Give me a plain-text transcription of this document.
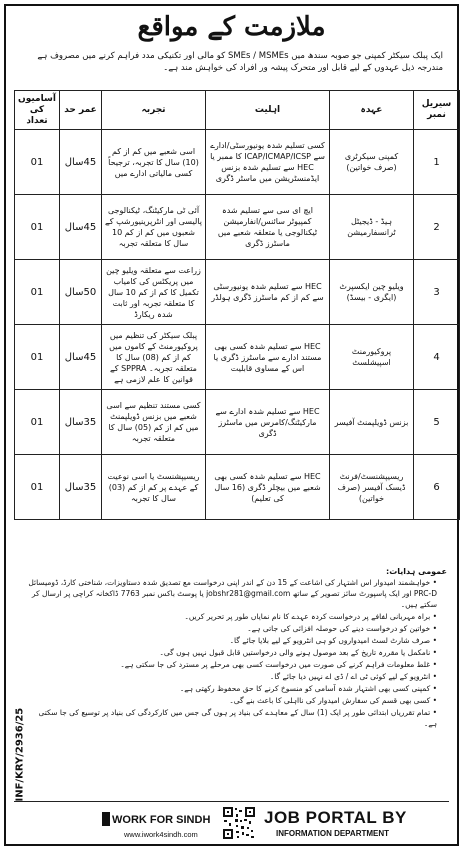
ملازمت کے مواقع
ایک پبلک سیکٹر کمپنی جو صوبہ سندھ میں SMEs / MSMEs کو مالی اور تکنیکی مدد فراہم کرنے میں مصروف ہے مندرجہ ذیل عہدوں کے لیے قابل اور متحرک پیشہ ور افراد کی خواہش مند ہے۔
سیریل نمبر	عہدہ	اہلیت	تجربہ	عمر حد	آسامیوں کی تعداد
1	کمپنی سیکرٹری (صرف خواتین)	کسی تسلیم شدہ یونیورسٹی/ادارے سے ICAP/ICMAP/ICSP کا ممبر یا HEC سے تسلیم شدہ بزنس ایڈمنسٹریشن میں ماسٹر ڈگری	اسی شعبے میں کم از کم (10) سال کا تجربہ، ترجیحاً کسی مالیاتی ادارے میں	45سال	01
2	ہیڈ - ڈیجیٹل ٹرانسفارمیشن	ایچ ای سی سے تسلیم شدہ کمپیوٹر سائنس/انفارمیشن ٹیکنالوجی یا متعلقہ شعبے میں ماسٹرز ڈگری	آئی ٹی مارکیٹنگ، ٹیکنالوجی پالیسی اور انٹرپرینیورشپ کے شعبوں میں کم از کم 10 سال کا متعلقہ تجربہ	45سال	01
3	ویلیو چین ایکسپرٹ (ایگری - بیسڈ)	HEC سے تسلیم شدہ یونیورسٹی سے کم از کم ماسٹرز ڈگری ہولڈر	زراعت سے متعلقہ ویلیو چین میں پریکٹس کی کامیاب تکمیل کا کم از کم 10 سال کا متعلقہ تجربہ اور ثابت شدہ ریکارڈ	50سال	01
4	پروکیورمنٹ اسپیشلسٹ	HEC سے تسلیم شدہ کسی بھی مستند ادارے سے ماسٹرز ڈگری یا اس کے مساوی قابلیت	پبلک سیکٹر کی تنظیم میں پروکیورمنٹ کے کاموں میں کم از کم (08) سال کا متعلقہ تجربہ۔ SPPRA کے قوانین کا علم لازمی ہے	45سال	01
5	بزنس ڈویلپمنٹ آفیسر	HEC سے تسلیم شدہ ادارے سے مارکیٹنگ/کامرس میں ماسٹرز ڈگری	کسی مستند تنظیم سے اسی شعبے میں بزنس ڈویلپمنٹ میں کم از کم (05) سال کا متعلقہ تجربہ	35سال	01
6	ریسیپشنسٹ/فرنٹ ڈیسک آفیسر (صرف خواتین)	HEC سے تسلیم شدہ کسی بھی شعبے میں بیچلر ڈگری (16 سال کی تعلیم)	ریسیپشنسٹ یا اسی نوعیت کے عہدے پر کم از کم (03) سال کا تجربہ	35سال	01
عمومی ہدایات:
• خواہشمند امیدوار اس اشتہار کی اشاعت کے 15 دن کے اندر اپنی درخواست مع تصدیق شدہ دستاویزات، شناختی کارڈ، ڈومیسائل PRC-D اور ایک پاسپورٹ سائز تصویر کے ساتھ jobshr281@gmail.com یا پوسٹ باکس نمبر 7763 ڈاکخانہ کراچی پر ارسال کر سکتے ہیں۔
• براہ مہربانی لفافے پر درخواست کردہ عہدے کا نام نمایاں طور پر تحریر کریں۔
• خواتین کو درخواست دینے کی حوصلہ افزائی کی جاتی ہے۔
• صرف شارٹ لسٹ امیدواروں کو ہی انٹرویو کے لیے بلایا جائے گا۔
• نامکمل یا مقررہ تاریخ کے بعد موصول ہونے والی درخواستیں قابل قبول نہیں ہوں گی۔
• غلط معلومات فراہم کرنے کی صورت میں درخواست کسی بھی مرحلے پر مسترد کی جا سکتی ہے۔
• انٹرویو کے لیے کوئی ٹی اے / ڈی اے نہیں دیا جائے گا۔
• کمپنی کسی بھی اشتہار شدہ آسامی کو منسوخ کرنے کا حق محفوظ رکھتی ہے۔
• کسی بھی قسم کی سفارش امیدوار کی نااہلی کا باعث بنے گی۔
• تمام تقرریاں ابتدائی طور پر ایک (1) سال کے معاہدے کی بنیاد پر ہوں گی جس میں کارکردگی کی بنیاد پر توسیع کی جا سکتی ہے۔
INF/KRY/2936/25
WORK FOR SINDH
www.iwork4sindh.com
JOB PORTAL BY
INFORMATION DEPARTMENT
